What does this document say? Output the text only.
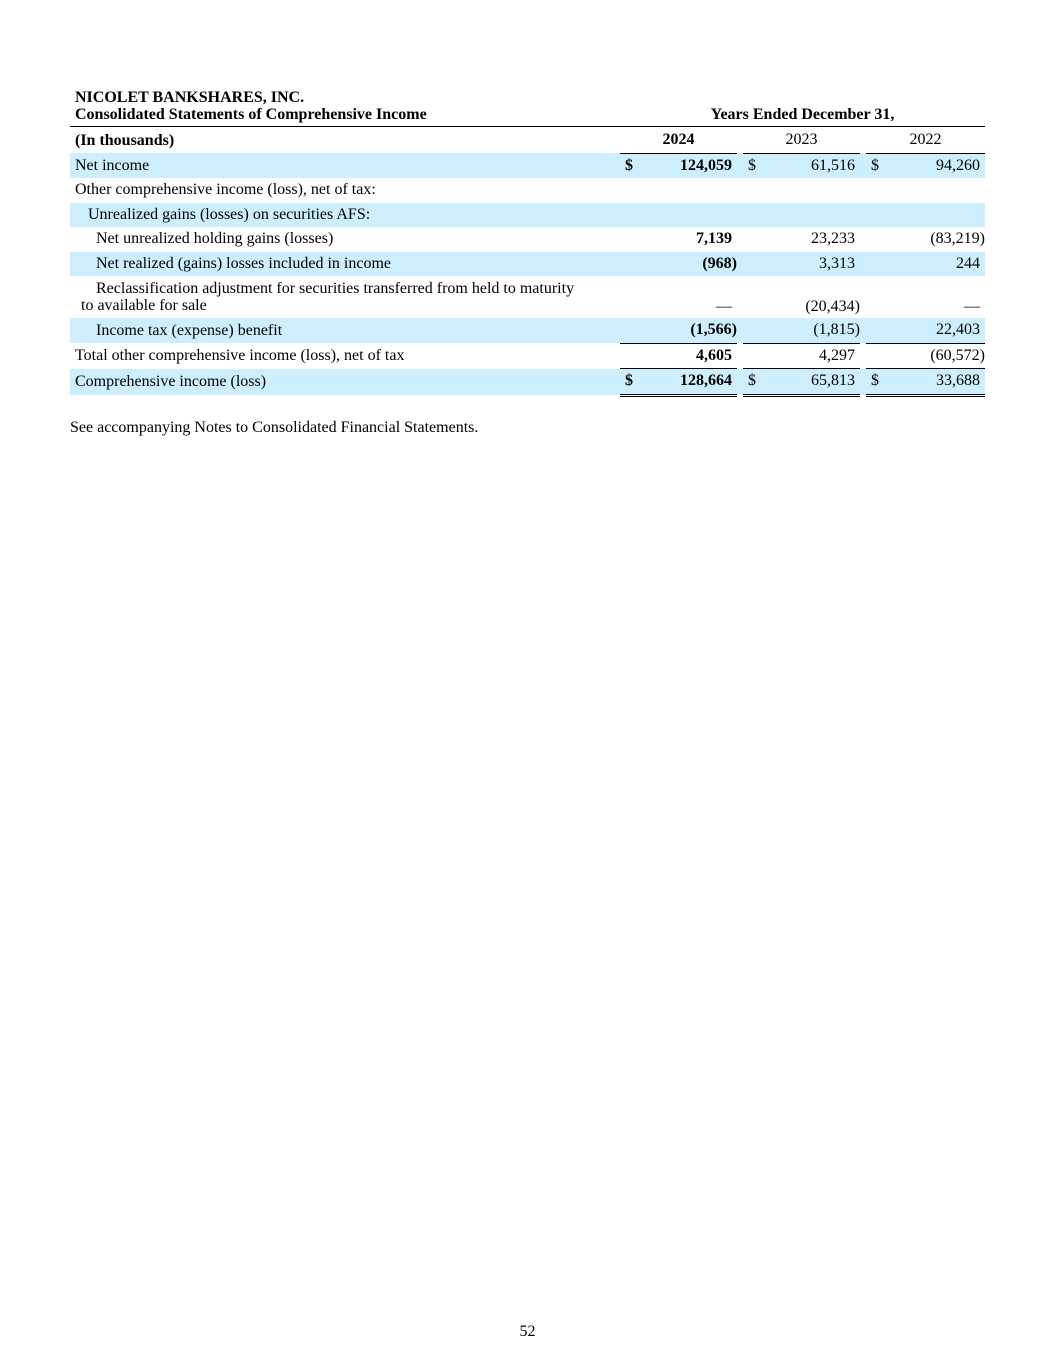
NICOLET BANKSHARES, INC.
Consolidated Statements of Comprehensive Income	Years Ended December 31,
(In thousands)	2024			2023			2022	
Net income	$	124,059		$	61,516		$	94,260
Other comprehensive income (loss), net of tax:								
Unrealized gains (losses) on securities AFS:								
Net unrealized holding gains (losses)		7,139			23,233			(83,219)
Net realized (gains) losses included in income		(968)			3,313			244
Reclassification adjustment for securities transferred from held to maturity
to available for sale		—			(20,434)			—
Income tax (expense) benefit		(1,566)			(1,815)			22,403
Total other comprehensive income (loss), net of tax		4,605			4,297			(60,572)
Comprehensive income (loss)	$	128,664		$	65,813		$	33,688
See accompanying Notes to Consolidated Financial Statements.
52
